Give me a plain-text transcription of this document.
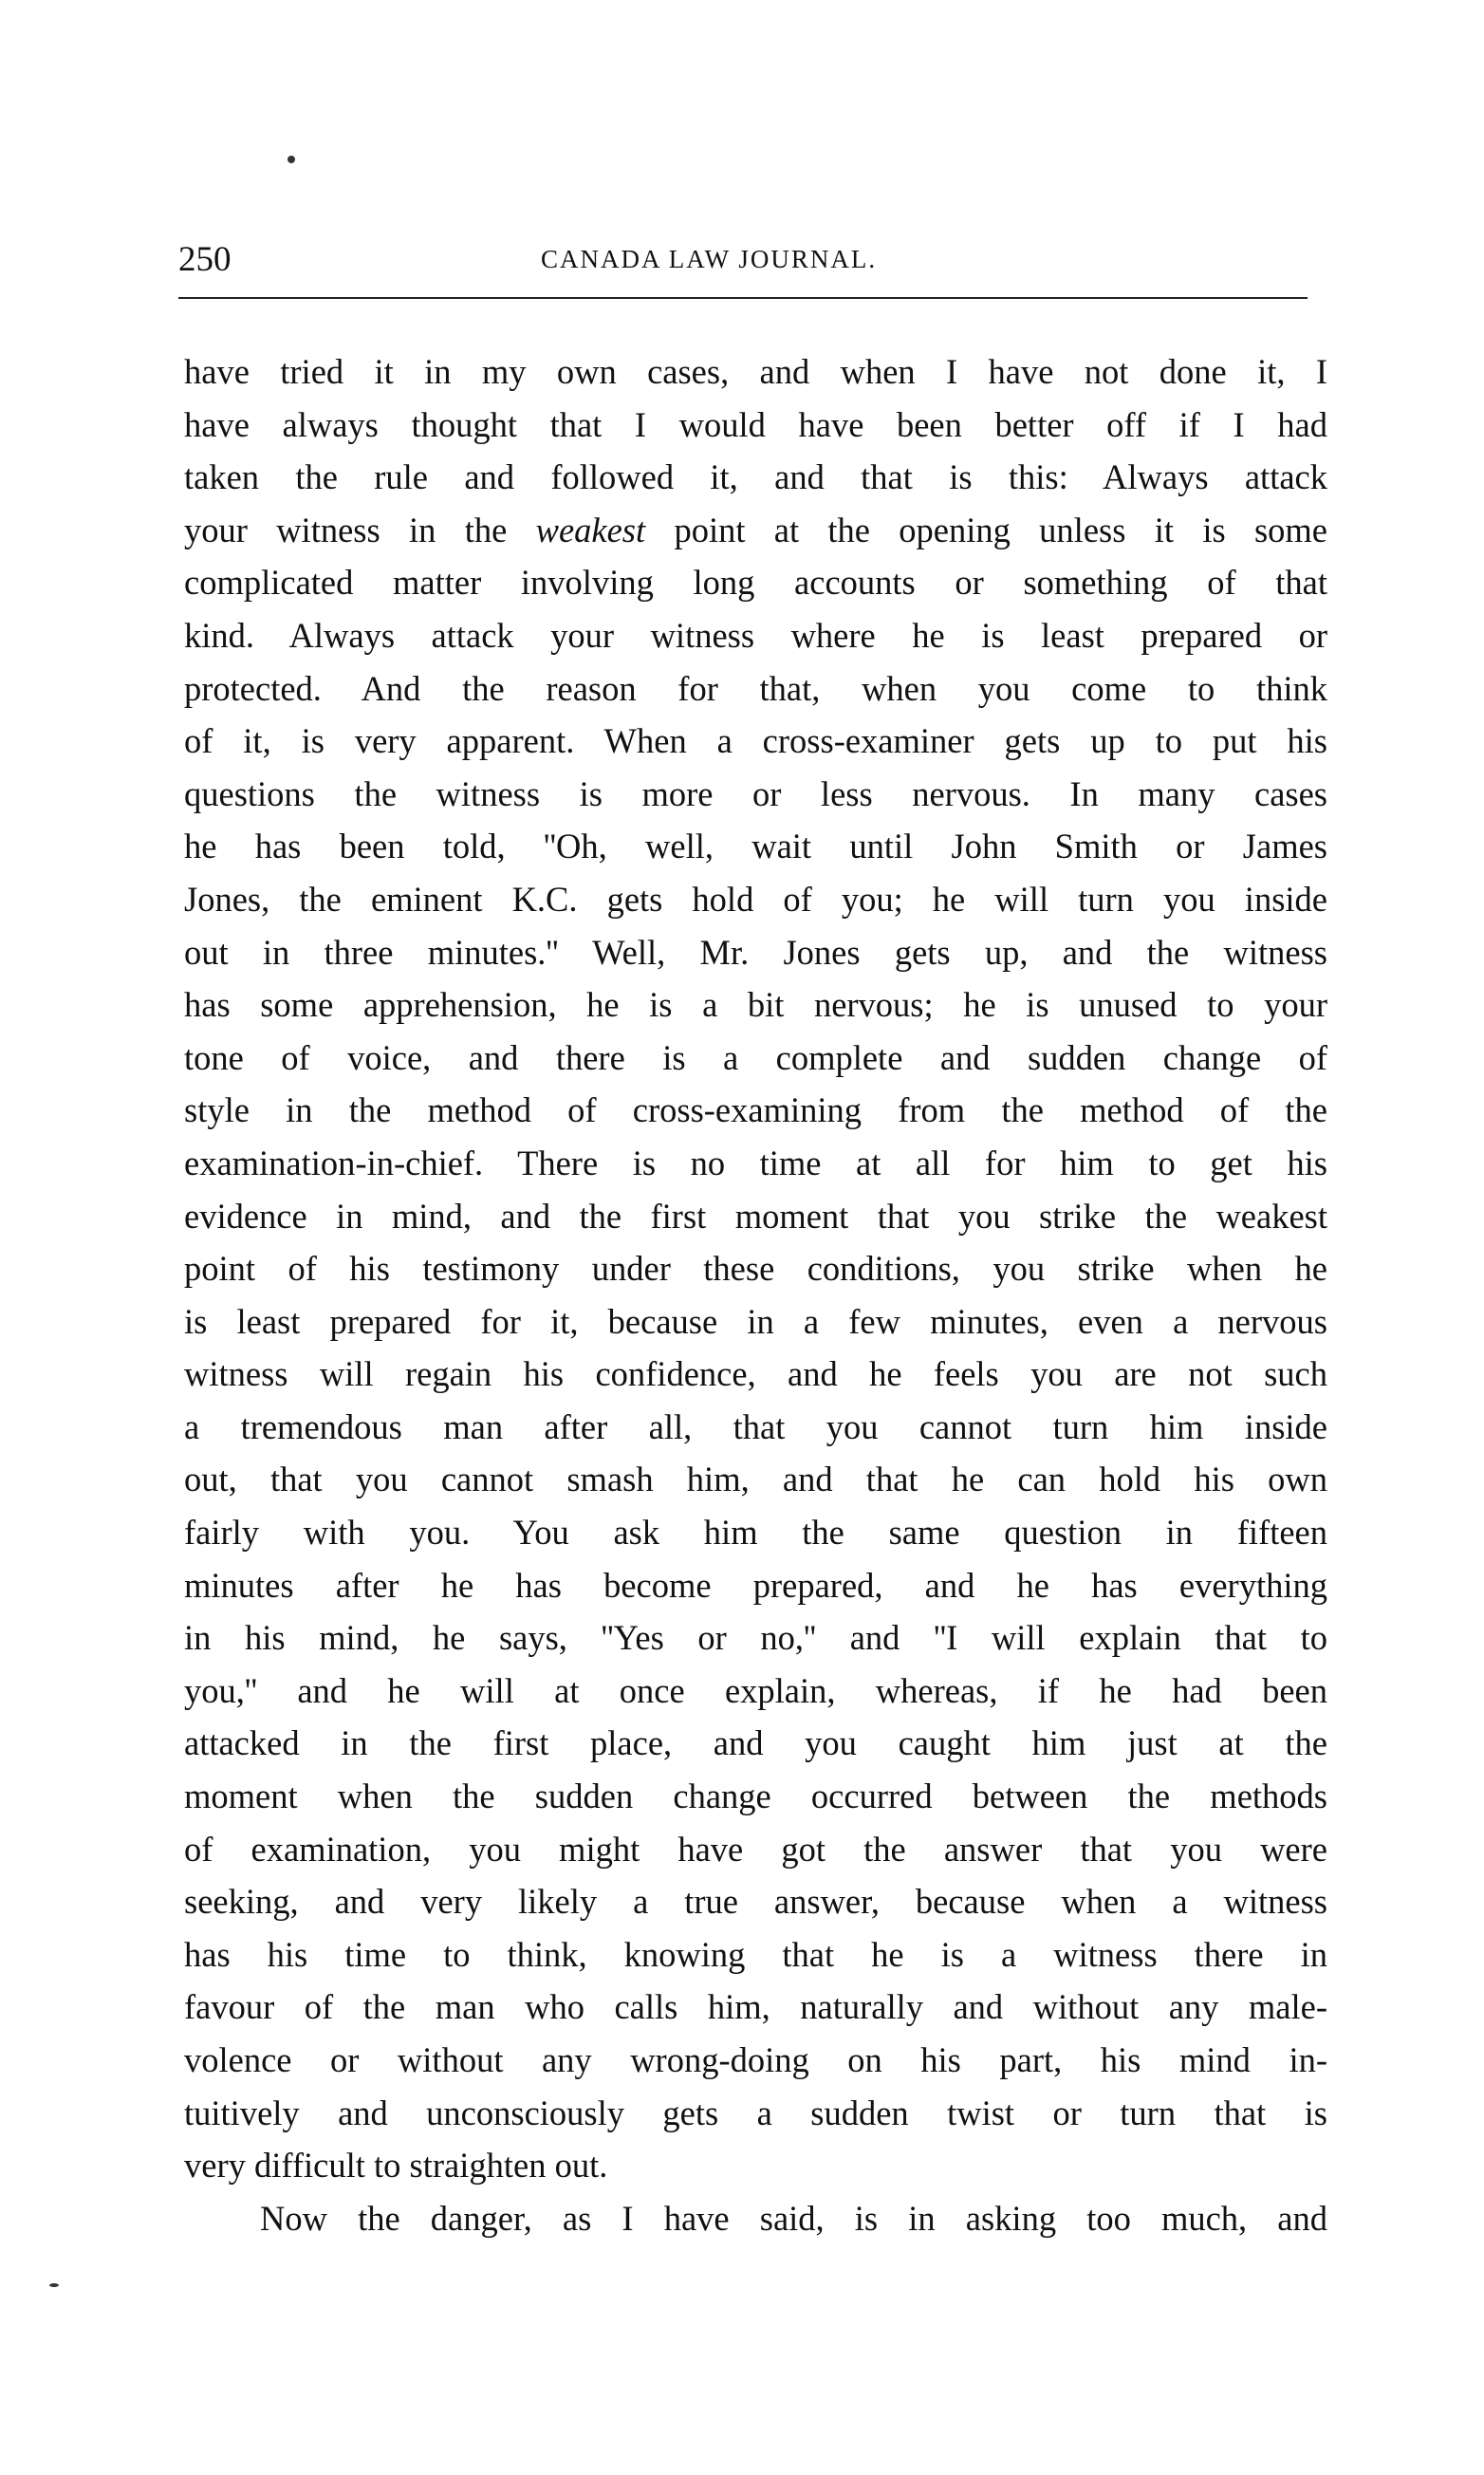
250	CANADA LAW JOURNAL.
have tried it in my own cases, and when I have not done it, I
have always thought that I would have been better off if I had
taken the rule and followed it, and that is this: Always attack
your witness in the weakest point at the opening unless it is some
complicated matter involving long accounts or something of that
kind. Always attack your witness where he is least prepared or
protected. And the reason for that, when you come to think
of it, is very apparent. When a cross-examiner gets up to put his
questions the witness is more or less nervous. In many cases
he has been told, ''Oh, well, wait until John Smith or James
Jones, the eminent K.C. gets hold of you; he will turn you inside
out in three minutes.'' Well, Mr. Jones gets up, and the witness
has some apprehension, he is a bit nervous; he is unused to your
tone of voice, and there is a complete and sudden change of
style in the method of cross-examining from the method of the
examination-in-chief. There is no time at all for him to get his
evidence in mind, and the first moment that you strike the weakest
point of his testimony under these conditions, you strike when he
is least prepared for it, because in a few minutes, even a nervous
witness will regain his confidence, and he feels you are not such
a tremendous man after all, that you cannot turn him inside
out, that you cannot smash him, and that he can hold his own
fairly with you. You ask him the same question in fifteen
minutes after he has become prepared, and he has everything
in his mind, he says, ''Yes or no,'' and ''I will explain that to
you,'' and he will at once explain, whereas, if he had been
attacked in the first place, and you caught him just at the
moment when the sudden change occurred between the methods
of examination, you might have got the answer that you were
seeking, and very likely a true answer, because when a witness
has his time to think, knowing that he is a witness there in
favour of the man who calls him, naturally and without any male-
volence or without any wrong-doing on his part, his mind in-
tuitively and unconsciously gets a sudden twist or turn that is
very difficult to straighten out.
Now the danger, as I have said, is in asking too much, and
